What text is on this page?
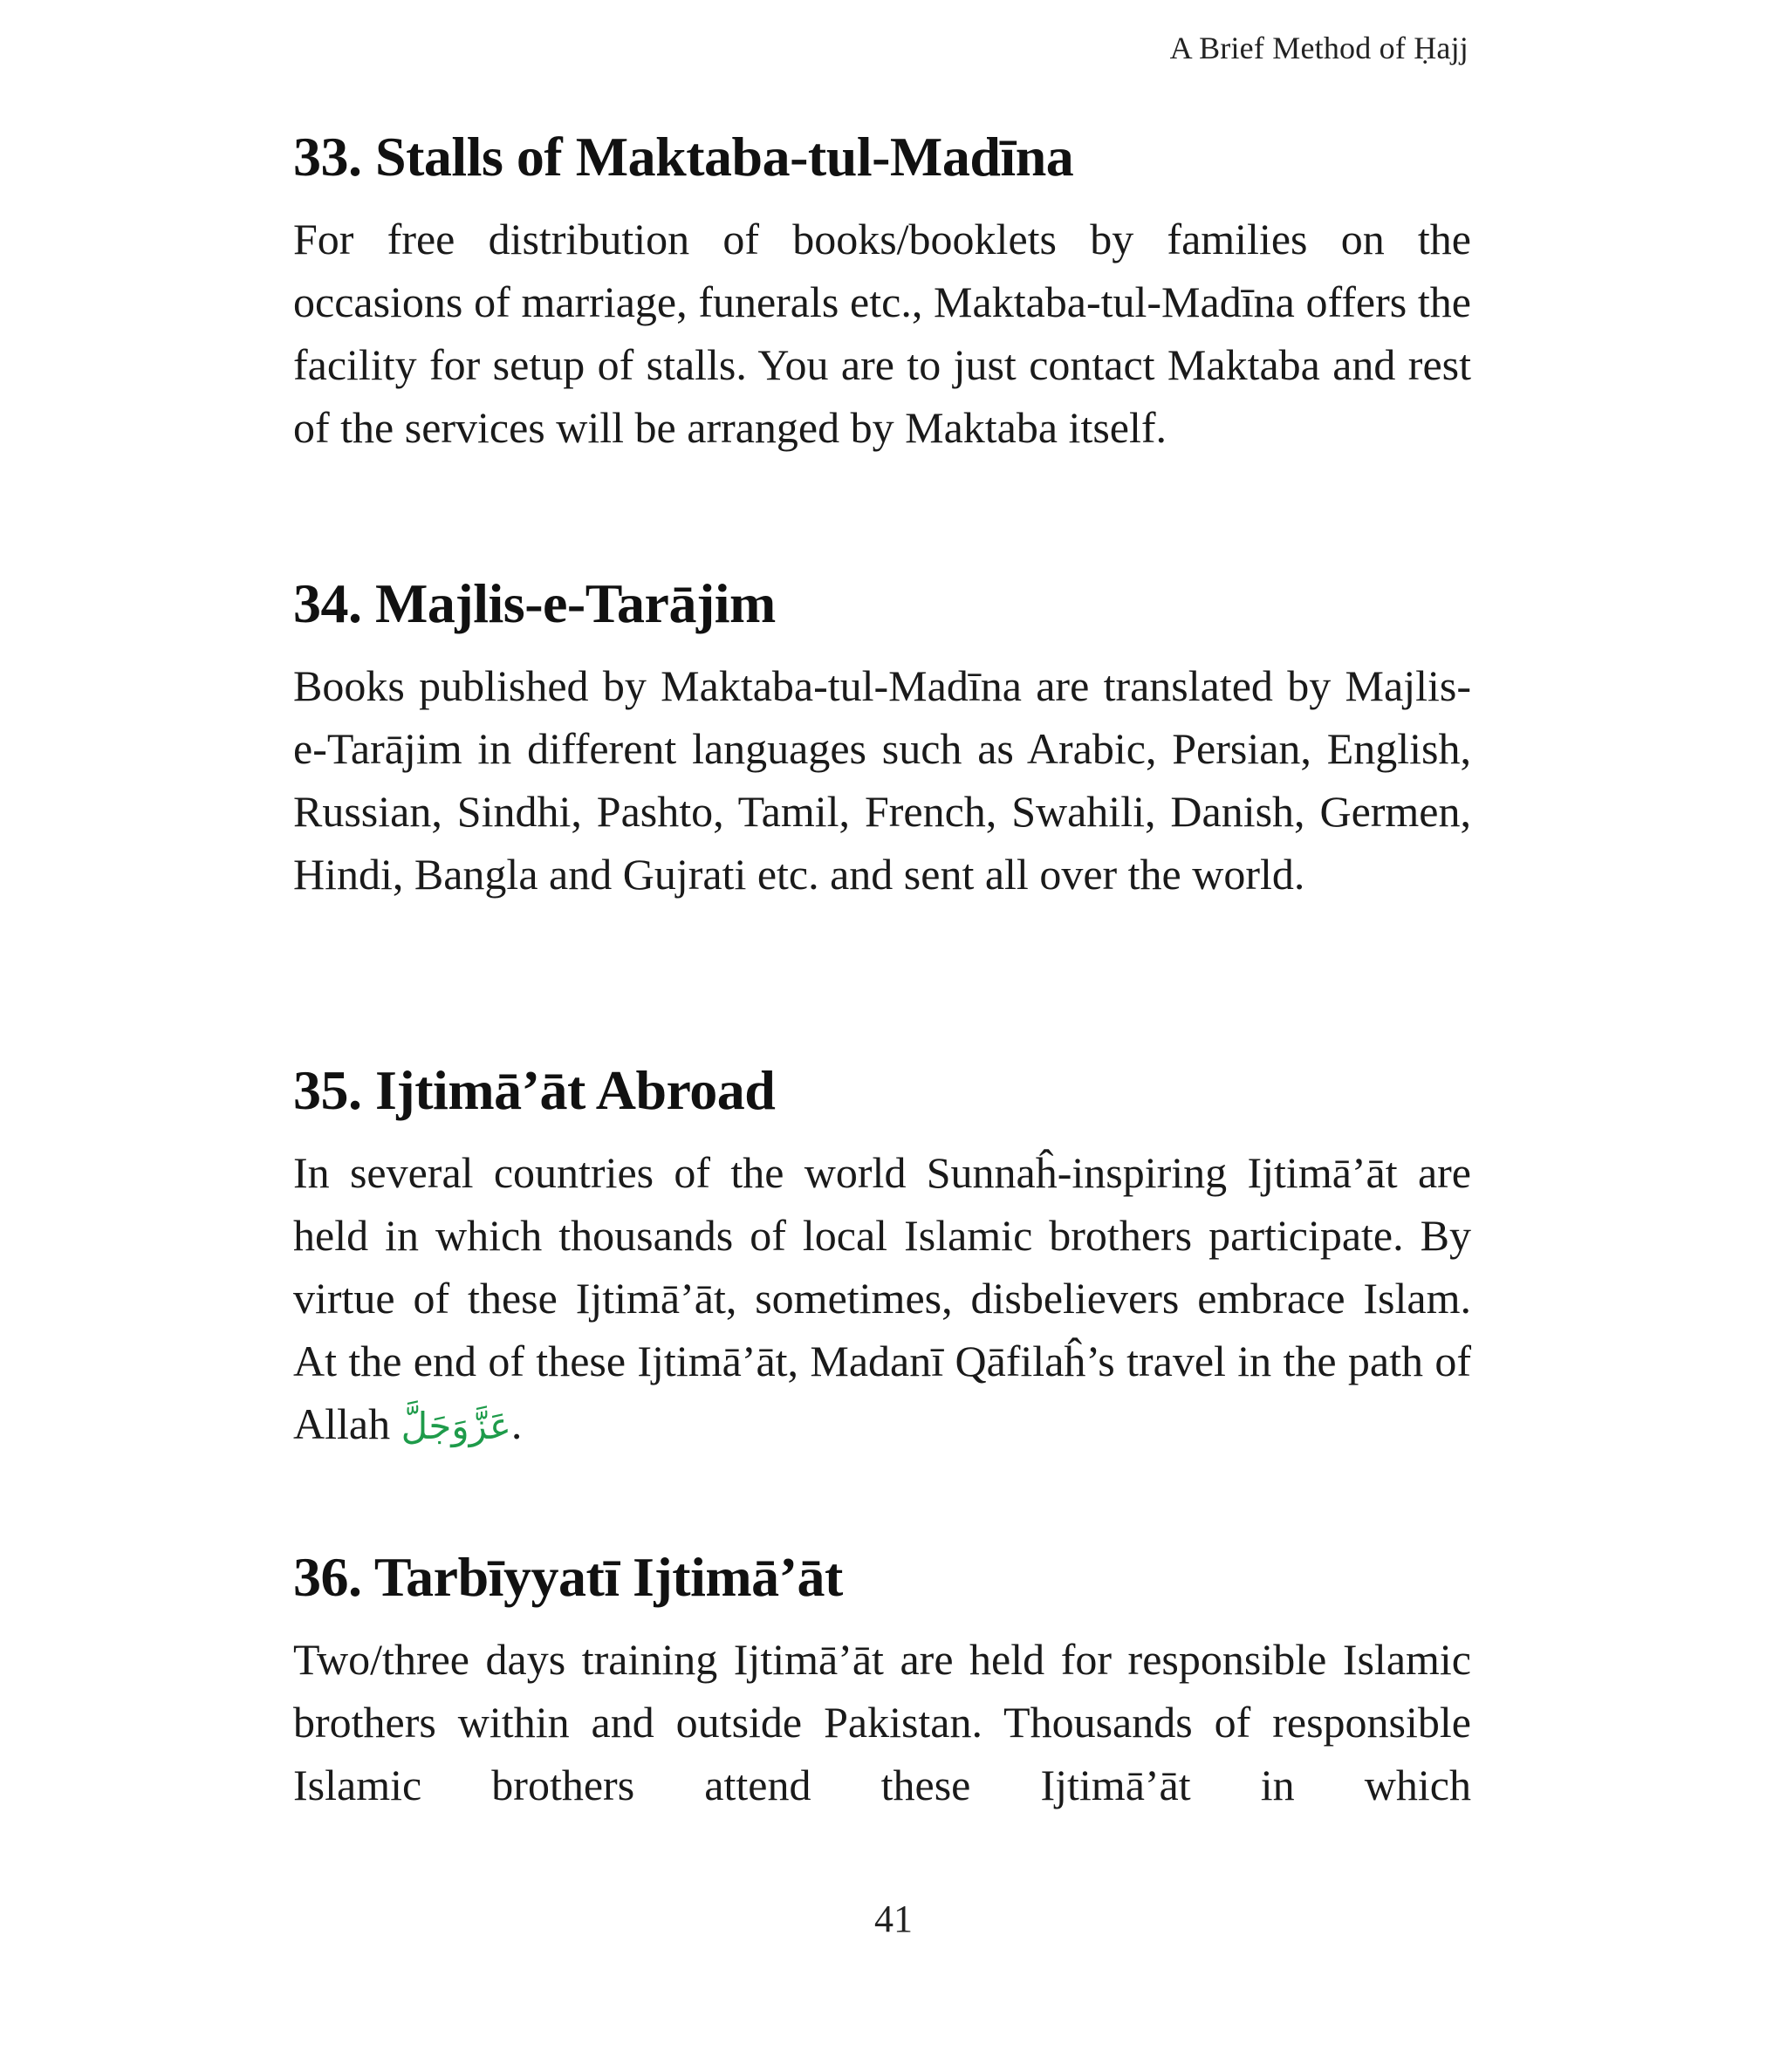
A Brief Method of Ḥajj
33. Stalls of Maktaba-tul-Madīna

For free distribution of books/booklets by families on the occasions of marriage, funerals etc., Maktaba-tul-Madīna offers the facility for setup of stalls. You are to just contact Maktaba and rest of the services will be arranged by Maktaba itself.

34. Majlis-e-Tarājim

Books published by Maktaba-tul-Madīna are translated by Majlis-e-Tarājim in different languages such as Arabic, Persian, English, Russian, Sindhi, Pashto, Tamil, French, Swahili, Danish, Germen, Hindi, Bangla and Gujrati etc. and sent all over the world.

35. Ijtimā’āt Abroad

In several countries of the world Sunnaĥ-inspiring Ijtimā’āt are held in which thousands of local Islamic brothers participate. By virtue of these Ijtimā’āt, sometimes, disbelievers embrace Islam. At the end of these Ijtimā’āt, Madanī Qāfilaĥ’s travel in the path of Allah عَزَّوَجَلَّ.

36. Tarbīyyatī Ijtimā’āt

Two/three days training Ijtimā’āt are held for responsible Islamic brothers within and outside Pakistan. Thousands of responsible Islamic brothers attend these Ijtimā’āt in which

41
